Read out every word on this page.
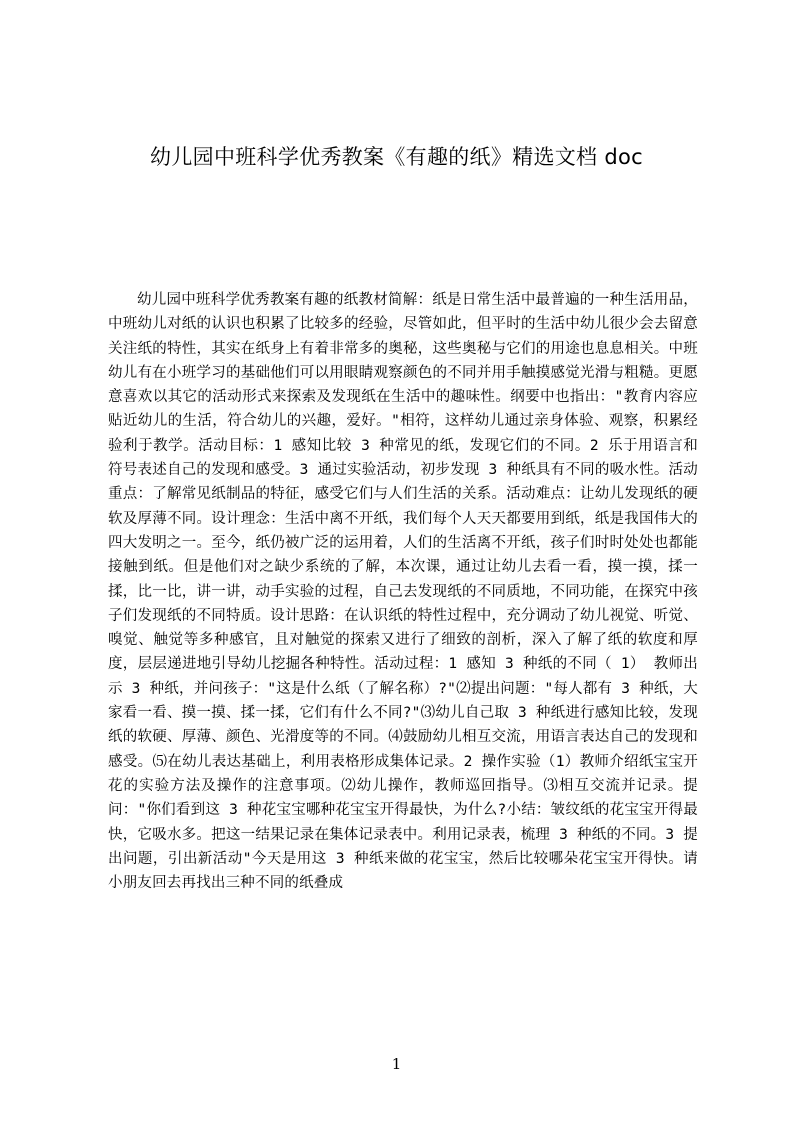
幼儿园中班科学优秀教案《有趣的纸》精选文档 doc

幼儿园中班科学优秀教案有趣的纸教材简解：纸是日常生活中最普遍的一种生活用品，中班幼儿对纸的认识也积累了比较多的经验，尽管如此，但平时的生活中幼儿很少会去留意关注纸的特性，其实在纸身上有着非常多的奥秘，这些奥秘与它们的用途也息息相关。中班幼儿有在小班学习的基础他们可以用眼睛观察颜色的不同并用手触摸感觉光滑与粗糙。更愿意喜欢以其它的活动形式来探索及发现纸在生活中的趣味性。纲要中也指出："教育内容应贴近幼儿的生活，符合幼儿的兴趣，爱好。"相符，这样幼儿通过亲身体验、观察，积累经验利于教学。活动目标：1 感知比较 3 种常见的纸，发现它们的不同。2 乐于用语言和符号表述自己的发现和感受。3 通过实验活动，初步发现 3 种纸具有不同的吸水性。活动重点：了解常见纸制品的特征，感受它们与人们生活的关系。活动难点：让幼儿发现纸的硬软及厚薄不同。设计理念：生活中离不开纸，我们每个人天天都要用到纸，纸是我国伟大的四大发明之一。至今，纸仍被广泛的运用着，人们的生活离不开纸，孩子们时时处处也都能接触到纸。但是他们对之缺少系统的了解，本次课，通过让幼儿去看一看，摸一摸，揉一揉，比一比，讲一讲，动手实验的过程，自己去发现纸的不同质地，不同功能，在探究中孩子们发现纸的不同特质。设计思路：在认识纸的特性过程中，充分调动了幼儿视觉、听觉、嗅觉、触觉等多种感官，且对触觉的探索又进行了细致的剖析，深入了解了纸的软度和厚度，层层递进地引导幼儿挖掘各种特性。活动过程：1 感知 3 种纸的不同（ 1） 教师出示 3 种纸，并问孩子："这是什么纸（了解名称）?"⑵提出问题："每人都有 3 种纸，大家看一看、摸一摸、揉一揉，它们有什么不同?"⑶幼儿自己取 3 种纸进行感知比较，发现纸的软硬、厚薄、颜色、光滑度等的不同。⑷鼓励幼儿相互交流，用语言表达自己的发现和感受。⑸在幼儿表达基础上，利用表格形成集体记录。2 操作实验（1）教师介绍纸宝宝开花的实验方法及操作的注意事项。⑵幼儿操作，教师巡回指导。⑶相互交流并记录。提问："你们看到这 3 种花宝宝哪种花宝宝开得最快，为什么?小结：皱纹纸的花宝宝开得最快，它吸水多。把这一结果记录在集体记录表中。利用记录表，梳理 3 种纸的不同。3 提出问题，引出新活动"今天是用这 3 种纸来做的花宝宝，然后比较哪朵花宝宝开得快。请小朋友回去再找出三种不同的纸叠成

1
